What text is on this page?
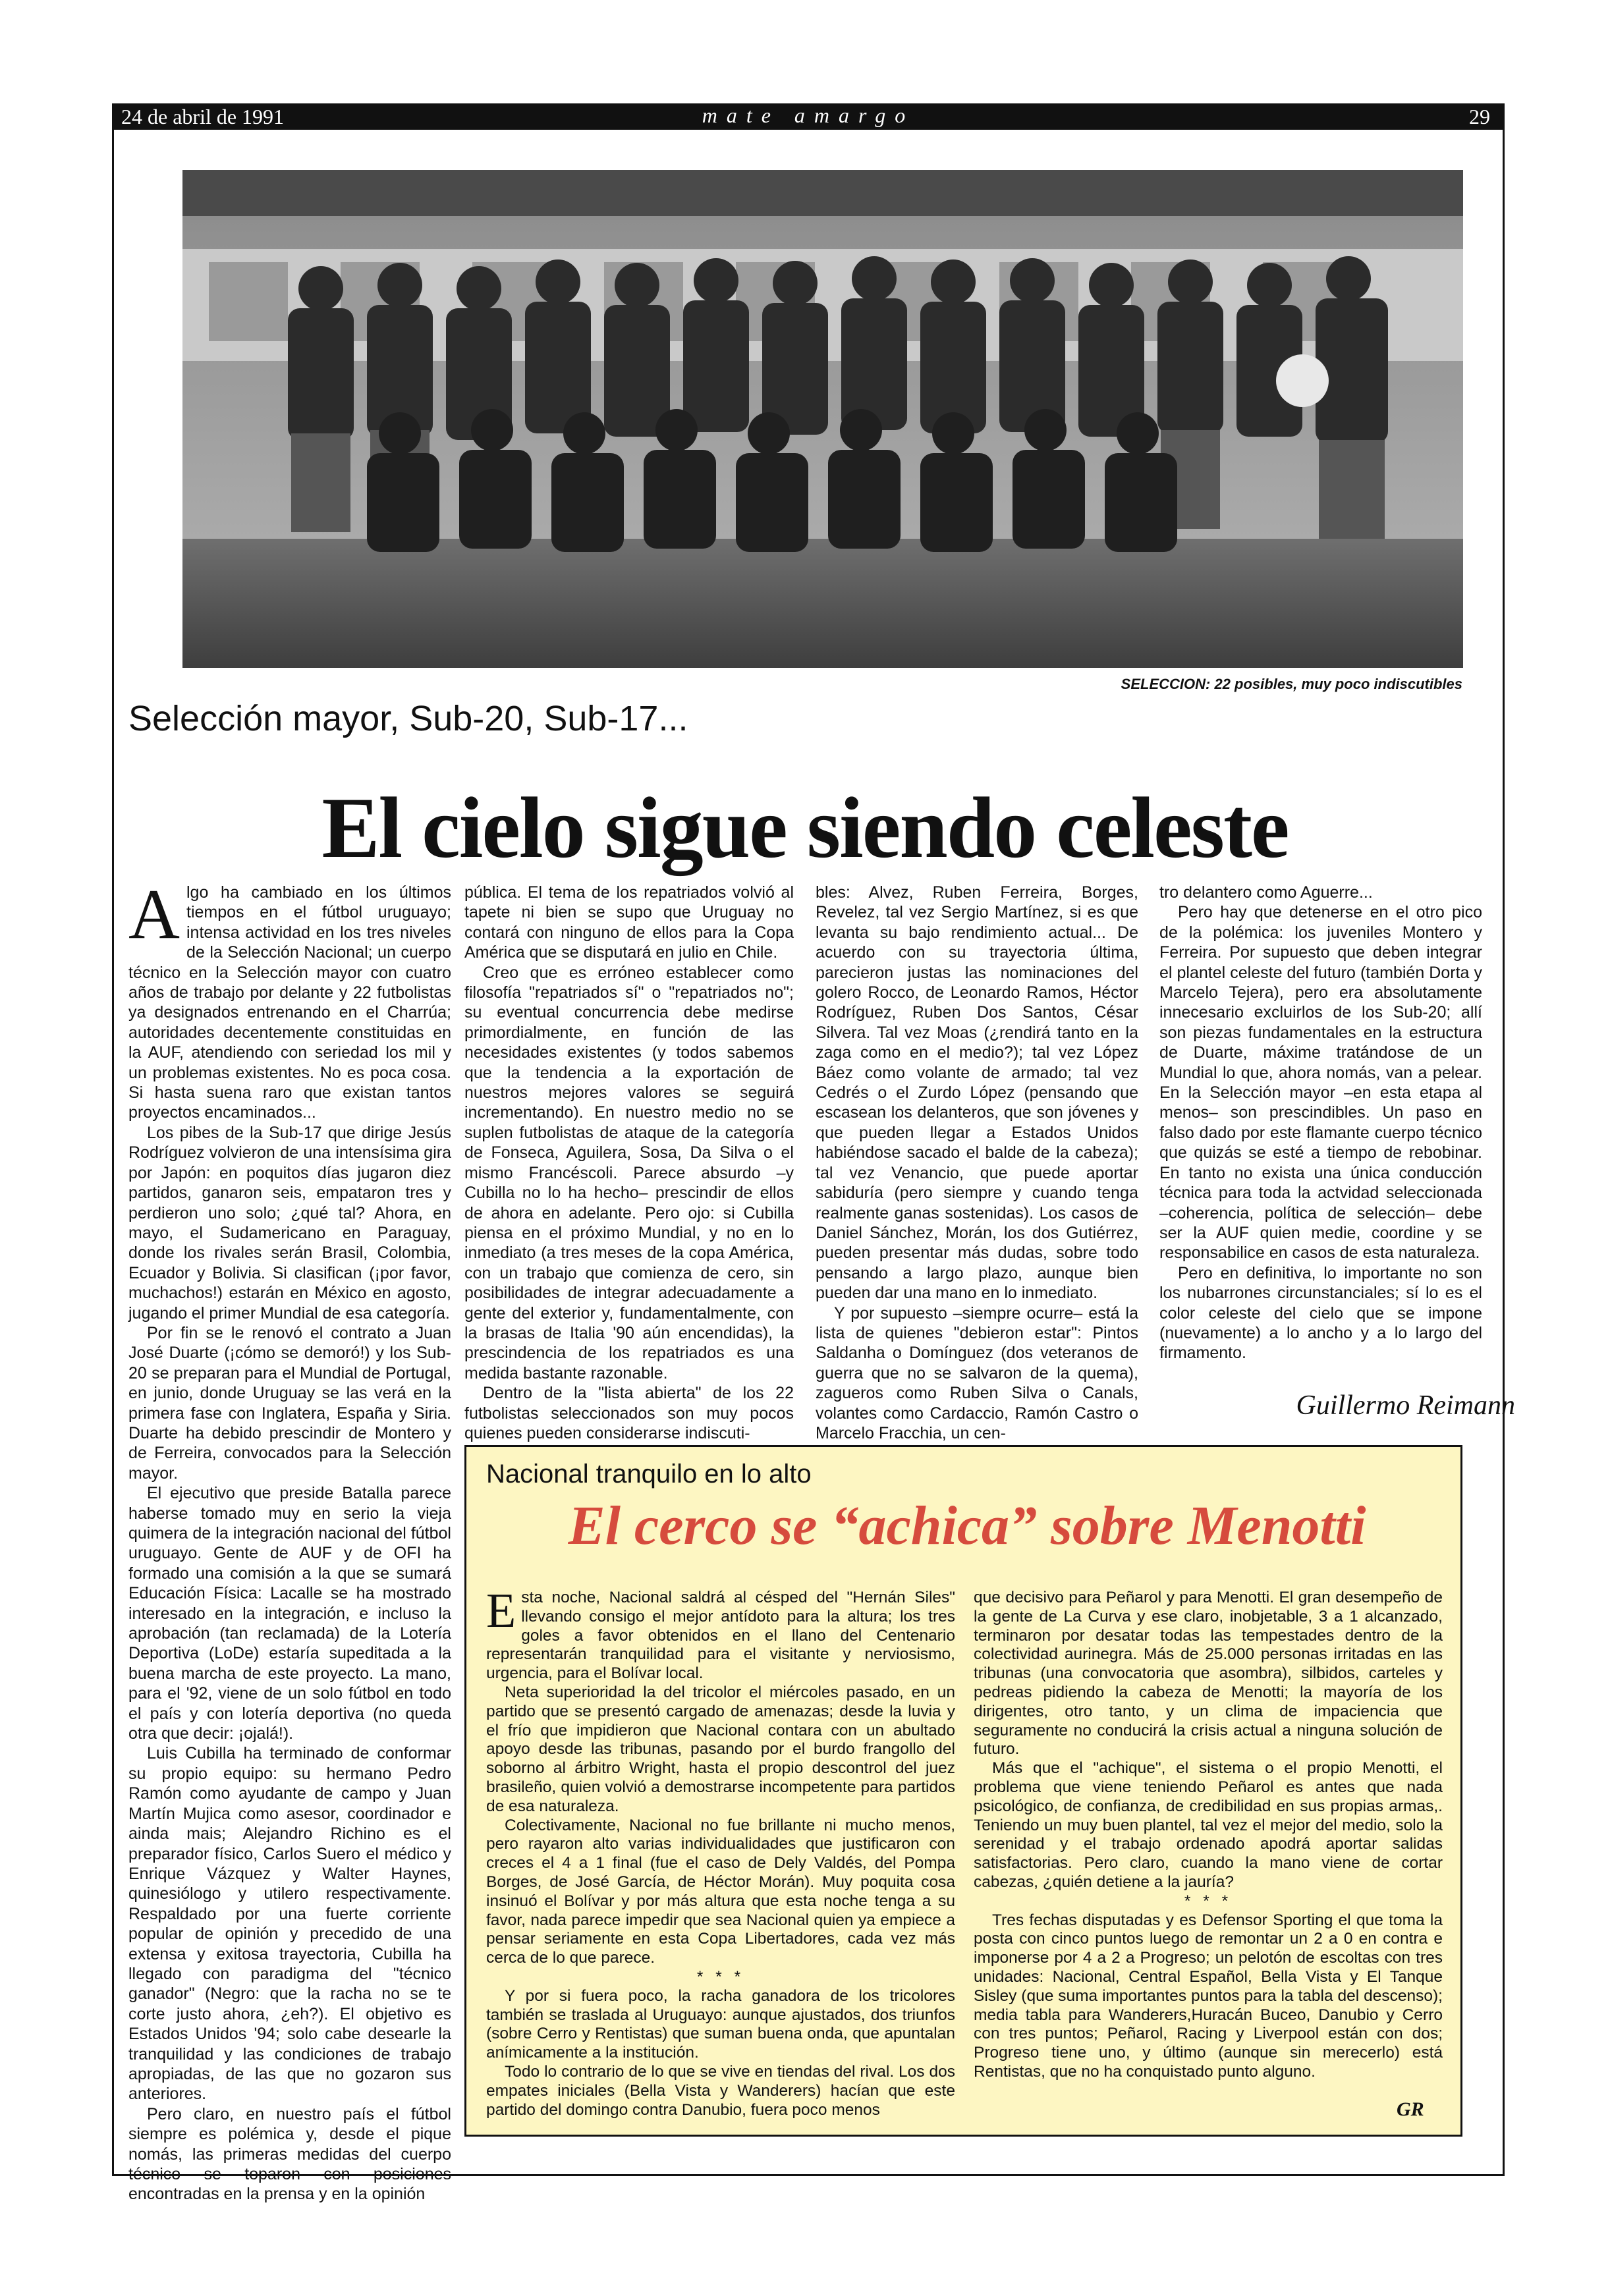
24 de abril de 1991	mate amargo	29
SELECCION: 22 posibles, muy poco indiscutibles
Selección mayor, Sub-20, Sub-17...
El cielo sigue siendo celeste

Algo ha cambiado en los últimos tiempos en el fútbol uruguayo; intensa actividad en los tres niveles de la Selección Nacional; un cuerpo técnico en la Selección mayor con cuatro años de trabajo por delante y 22 futbolistas ya designados entrenando en el Charrúa; autoridades decentemente constituidas en la AUF, atendiendo con seriedad los mil y un problemas existentes. No es poca cosa. Si hasta suena raro que existan tantos proyectos encaminados...

Los pibes de la Sub-17 que dirige Jesús Rodríguez volvieron de una intensísima gira por Japón: en poquitos días jugaron diez partidos, ganaron seis, empataron tres y perdieron uno solo; ¿qué tal? Ahora, en mayo, el Sudamericano en Paraguay, donde los rivales serán Brasil, Colombia, Ecuador y Bolivia. Si clasifican (¡por favor, muchachos!) estarán en México en agosto, jugando el primer Mundial de esa categoría.

Por fin se le renovó el contrato a Juan José Duarte (¡cómo se demoró!) y los Sub-20 se preparan para el Mundial de Portugal, en junio, donde Uruguay se las verá en la primera fase con Inglatera, España y Siria. Duarte ha debido prescindir de Montero y de Ferreira, convocados para la Selección mayor.

El ejecutivo que preside Batalla parece haberse tomado muy en serio la vieja quimera de la integración nacional del fútbol uruguayo. Gente de AUF y de OFI ha formado una comisión a la que se sumará Educación Física: Lacalle se ha mostrado interesado en la integración, e incluso la aprobación (tan reclamada) de la Lotería Deportiva (LoDe) estaría supeditada a la buena marcha de este proyecto. La mano, para el '92, viene de un solo fútbol en todo el país y con lotería deportiva (no queda otra que decir: ¡ojalá!).

Luis Cubilla ha terminado de conformar su propio equipo: su hermano Pedro Ramón como ayudante de campo y Juan Martín Mujica como asesor, coordinador e ainda mais; Alejandro Richino es el preparador físico, Carlos Suero el médico y Enrique Vázquez y Walter Haynes, quinesiólogo y utilero respectivamente. Respaldado por una fuerte corriente popular de opinión y precedido de una extensa y exitosa trayectoria, Cubilla ha llegado con paradigma del "técnico ganador" (Negro: que la racha no se te corte justo ahora, ¿eh?). El objetivo es Estados Unidos '94; solo cabe desearle la tranquilidad y las condiciones de trabajo apropiadas, de las que no gozaron sus anteriores.

Pero claro, en nuestro país el fútbol siempre es polémica y, desde el pique nomás, las primeras medidas del cuerpo técnico se toparon con posiciones encontradas en la prensa y en la opinión

pública. El tema de los repatriados volvió al tapete ni bien se supo que Uruguay no contará con ninguno de ellos para la Copa América que se disputará en julio en Chile.

Creo que es erróneo establecer como filosofía "repatriados sí" o "repatriados no"; su eventual concurrencia debe medirse primordialmente, en función de las necesidades existentes (y todos sabemos que la tendencia a la exportación de nuestros mejores valores se seguirá incrementando). En nuestro medio no se suplen futbolistas de ataque de la categoría de Fonseca, Aguilera, Sosa, Da Silva o el mismo Francéscoli. Parece absurdo –y Cubilla no lo ha hecho– prescindir de ellos de ahora en adelante. Pero ojo: si Cubilla piensa en el próximo Mundial, y no en lo inmediato (a tres meses de la copa América, con un trabajo que comienza de cero, sin posibilidades de integrar adecuadamente a gente del exterior y, fundamentalmente, con la brasas de Italia '90 aún encendidas), la prescindencia de los repatriados es una medida bastante razonable.

Dentro de la "lista abierta" de los 22 futbolistas seleccionados son muy pocos quienes pueden considerarse indiscuti-

bles: Alvez, Ruben Ferreira, Borges, Revelez, tal vez Sergio Martínez, si es que levanta su bajo rendimiento actual... De acuerdo con su trayectoria última, parecieron justas las nominaciones del golero Rocco, de Leonardo Ramos, Héctor Rodríguez, Ruben Dos Santos, César Silvera. Tal vez Moas (¿rendirá tanto en la zaga como en el medio?); tal vez López Báez como volante de armado; tal vez Cedrés o el Zurdo López (pensando que escasean los delanteros, que son jóvenes y que pueden llegar a Estados Unidos habiéndose sacado el balde de la cabeza); tal vez Venancio, que puede aportar sabiduría (pero siempre y cuando tenga realmente ganas sostenidas). Los casos de Daniel Sánchez, Morán, los dos Gutiérrez, pueden presentar más dudas, sobre todo pensando a largo plazo, aunque bien pueden dar una mano en lo inmediato.

Y por supuesto –siempre ocurre– está la lista de quienes "debieron estar": Pintos Saldanha o Domínguez (dos veteranos de guerra que no se salvaron de la quema), zagueros como Ruben Silva o Canals, volantes como Cardaccio, Ramón Castro o Marcelo Fracchia, un cen-

tro delantero como Aguerre...

Pero hay que detenerse en el otro pico de la polémica: los juveniles Montero y Ferreira. Por supuesto que deben integrar el plantel celeste del futuro (también Dorta y Marcelo Tejera), pero era absolutamente innecesario excluirlos de los Sub-20; allí son piezas fundamentales en la estructura de Duarte, máxime tratándose de un Mundial lo que, ahora nomás, van a pelear. En la Selección mayor –en esta etapa al menos– son prescindibles. Un paso en falso dado por este flamante cuerpo técnico que quizás se esté a tiempo de rebobinar. En tanto no exista una única conducción técnica para toda la actvidad seleccionada –coherencia, política de selección– debe ser la AUF quien medie, coordine y se responsabilice en casos de esta naturaleza.

Pero en definitiva, lo importante no son los nubarrones circunstanciales; sí lo es el color celeste del cielo que se impone (nuevamente) a lo ancho y a lo largo del firmamento.

Guillermo Reimann
Nacional tranquilo en lo alto
El cerco se “achica” sobre Menotti

Esta noche, Nacional saldrá al césped del "Hernán Siles" llevando consigo el mejor antídoto para la altura; los tres goles a favor obtenidos en el llano del Centenario representarán tranquilidad para el visitante y nerviosismo, urgencia, para el Bolívar local.

Neta superioridad la del tricolor el miércoles pasado, en un partido que se presentó cargado de amenazas; desde la luvia y el frío que impidieron que Nacional contara con un abultado apoyo desde las tribunas, pasando por el burdo frangollo del soborno al árbitro Wright, hasta el propio descontrol del juez brasileño, quien volvió a demostrarse incompetente para partidos de esa naturaleza.

Colectivamente, Nacional no fue brillante ni mucho menos, pero rayaron alto varias individualidades que justificaron con creces el 4 a 1 final (fue el caso de Dely Valdés, del Pompa Borges, de José García, de Héctor Morán). Muy poquita cosa insinuó el Bolívar y por más altura que esta noche tenga a su favor, nada parece impedir que sea Nacional quien ya empiece a pensar seriamente en esta Copa Libertadores, cada vez más cerca de lo que parece.

* * *

Y por si fuera poco, la racha ganadora de los tricolores también se traslada al Uruguayo: aunque ajustados, dos triunfos (sobre Cerro y Rentistas) que suman buena onda, que apuntalan anímicamente a la institución.

Todo lo contrario de lo que se vive en tiendas del rival. Los dos empates iniciales (Bella Vista y Wanderers) hacían que este partido del domingo contra Danubio, fuera poco menos

que decisivo para Peñarol y para Menotti. El gran desempeño de la gente de La Curva y ese claro, inobjetable, 3 a 1 alcanzado, terminaron por desatar todas las tempestades dentro de la colectividad aurinegra. Más de 25.000 personas irritadas en las tribunas (una convocatoria que asombra), silbidos, carteles y pedreas pidiendo la cabeza de Menotti; la mayoría de los dirigentes, otro tanto, y un clima de impaciencia que seguramente no conducirá la crisis actual a ninguna solución de futuro.

Más que el "achique", el sistema o el propio Menotti, el problema que viene teniendo Peñarol es antes que nada psicológico, de confianza, de credibilidad en sus propias armas,. Teniendo un muy buen plantel, tal vez el mejor del medio, solo la serenidad y el trabajo ordenado apodrá aportar salidas satisfactorias. Pero claro, cuando la mano viene de cortar cabezas, ¿quién detiene a la jauría?

* * *

Tres fechas disputadas y es Defensor Sporting el que toma la posta con cinco puntos luego de remontar un 2 a 0 en contra e imponerse por 4 a 2 a Progreso; un pelotón de escoltas con tres unidades: Nacional, Central Español, Bella Vista y El Tanque Sisley (que suma importantes puntos para la tabla del descenso); media tabla para Wanderers,Huracán Buceo, Danubio y Cerro con tres puntos; Peñarol, Racing y Liverpool están con dos; Progreso tiene uno, y último (aunque sin merecerlo) está Rentistas, que no ha conquistado punto alguno.

GR
